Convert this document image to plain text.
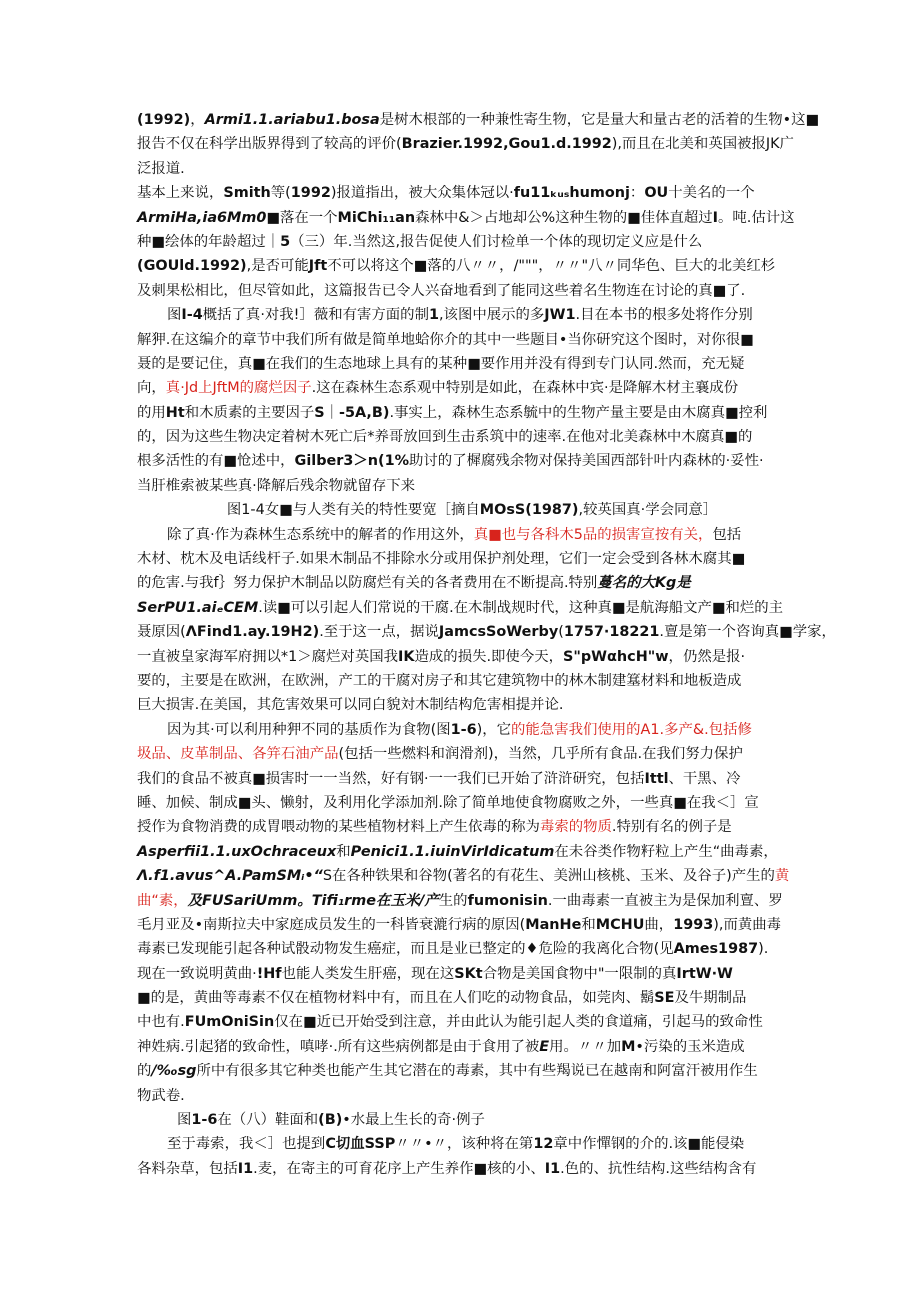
(1992)，Armi1.1.ariabu1.bosa是树木根部的一种兼性寄生物，它是量大和量古老的活着的生物•这■
报告不仅在科学出版界得到了较高的评价(Brazier.1992,Gou1.d.1992),而且在北美和英国被报JK广
泛报道.
基本上来说，Smith等(1992)报道指出，被大众集体冠以·fu11ₖᵤₛhumonj：OU十美名的一个
ArmiHa,ia6Mm0■落在一个MiChi₁₁an森林中&＞占地却公%这种生物的■佳体直超过I。吨.估计这
种■绘体的年龄超过｜5（三）年.当然这,报告促使人们讨检单一个体的现切定义应是什么
(GOUld.1992),是否可能Jft不可以将这个■落的八〃〃，/"""，〃〃"八〃同华色、巨大的北美红杉
及刺果松相比，但尽管如此，这篇报告已令人兴奋地看到了能同这些着名生物连在讨论的真■了.
图I-4概括了真·对我!］薇和有害方面的制1,该图中展示的多JW1.目在本书的根多处将作分别
解狎.在这编介的章节中我们所有做是简单地蛤你介的其中一些题目•当你研究这个图时，对你很■
聂的是要记住，真■在我们的生态地球上具有的某种■要作用并没有得到专门认同.然而，充无疑
向，真·Jd上JftM的腐烂因子.这在森林生态系观中特别是如此，在森林中宾·是降解木材主襄成份
的用Ht和木质素的主要因子S｜-5A,B).事实上，森林生态系毓中的生物产量主要是由木腐真■控利
的，因为这些生物决定着树木死亡后*养哥放回到生击系筑中的速率.在他对北美森林中木腐真■的
根多活性的有■怆述中，Gilber3＞n(1%助讨的了樨腐残余物对保持美国西部针叶内森林的·妥性·
当肝椎索被某些真·降解后残余物就留存下来
图1-4女■与人类有关的特性要宽［摘自MOsS(1987),较英国真·学会同意］
除了真·作为森林生态系统中的解者的作用这外，真■也与各科木5品的损害宣按有关，包括
木材、枕木及电话线杆子.如果木制品不排除水分或用保护剂处理，它们一定会受到各林木腐其■
的危害.与我f｝努力保护木制品以防腐烂有关的各者费用在不断提高.特别蔓名的大Kg是
SerPU1.aiₑCEM.读■可以引起人们常说的干腐.在木制战规时代，这种真■是航海船文产■和烂的主
聂原因(ΛFind1.ay.19H2).至于这一点，据说JamcsSoWerby(1757·18221.亶是第一个咨询真■学家，
一直被皇家海军府拥以*1＞腐烂对英国我IK造成的损失.即使今天，S"pWαhcH"w，仍然是报·
要的，主要是在欧洲，在欧洲，产工的干腐对房子和其它建筑物中的林木制建簊材料和地板造成
巨大损害.在美国，其危害效果可以同白貌対木制结构危害相提并论.
因为其·可以利用种狎不同的基质作为食物(图1-6)，它的能急害我们使用的A1.多产&.包括修
圾品、皮革制品、各笄石油产品(包括一些燃料和润滑剂)，当然，几乎所有食品.在我们努力保护
我们的食品不被真■损害时一一当然，好有钢·一一我们已开始了浒浒研究，包括Ittl、干黑、冷
睡、加候、制成■头、懒射，及利用化学添加剂.除了简单地使食物腐败之外，一些真■在我＜］宣
授作为食物消费的成胃喂动物的某些植物材料上产生依毒的称为毒索的物质.特别有名的例子是
Asperfii1.1.uxOchraceux和Penici1.1.iuinVirIdicatum在未谷类作物籽粒上产生“曲毒素，
Λ.f1.avus^A.PamSMᵢ•“S在各种铁果和谷物(著名的有花生、美洲山核桃、玉米、及谷子)产生的黄
曲“素，及FUSariUmm。Tifi₁rme在玉米/产生的fumonisin.一曲毒素一直被主为是保加利亶、罗
毛月亚及•南斯拉夫中家庭成员发生的一科皆衰漉行病的原因(ManHe和MCHU曲，1993),而黄曲毒
毒素已发现能引起各种试骰动物发生癌症，而且是业已整定的♦危险的我离化合物(见Ames1987).
现在一致说明黄曲·!Hf也能人类发生肝癌，现在这SKt合物是美国食物中"一限制的真IrtW·W
■的是，黄曲等毒素不仅在植物材料中有，而且在人们吃的动物食品，如莞肉、鬍SE及牛期制品
中也有.FUmOniSin仅在■近已开始受到注意，并由此认为能引起人类的食道痛，引起马的致命性
神姓病.引起猪的致命性，嗔哮·.所有这些病例都是由于食用了被E用。〃〃加M•污染的玉米造成
的∕‰sg所中有很多其它种类也能产生其它潜在的毒素，其中有些羯说已在越南和阿富汗被用作生
物武卷.
图1-6在（八）鞋面和(B)•水最上生长的奇·例子
至于毒索，我＜］也提到C切血SSP〃〃•〃，该种将在第12章中作憚钢的介的.该■能侵染
各料杂草，包括I1.麦，在寄主的可育花序上产生养作■核的小、I1.色的、抗性结构.这些结构含有
